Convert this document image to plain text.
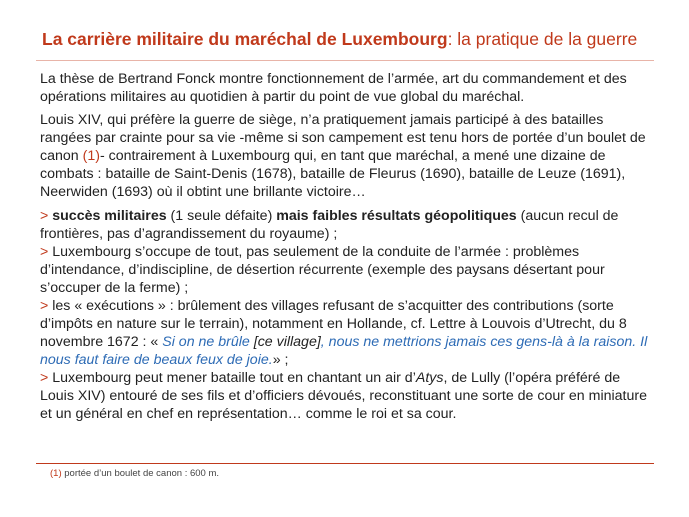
La carrière militaire du maréchal de Luxembourg: la pratique de la guerre

La thèse de Bertrand Fonck montre fonctionnement de l’armée, art du commandement et des opérations militaires au quotidien à partir du point de vue global du maréchal.

Louis XIV, qui préfère la guerre de siège, n’a pratiquement jamais participé à des batailles rangées par crainte pour sa vie -même si son campement est tenu hors de portée d’un boulet de canon (1)- contrairement à Luxembourg qui, en tant que maréchal, a mené une dizaine de combats : bataille de Saint-Denis (1678), bataille de Fleurus (1690), bataille de Leuze (1691), Neerwiden (1693) où il obtint une brillante victoire…

> succès militaires (1 seule défaite) mais faibles résultats géopolitiques (aucun recul de frontières, pas d’agrandissement du royaume) ;

> Luxembourg s’occupe de tout, pas seulement de la conduite de l’armée : problèmes d’intendance, d’indiscipline, de désertion récurrente (exemple des paysans désertant pour s’occuper de la ferme) ;

> les « exécutions » : brûlement des villages refusant de s’acquitter des contributions (sorte d’impôts en nature sur le terrain), notamment en Hollande, cf. Lettre à Louvois d’Utrecht, du 8 novembre 1672 : « Si on ne brûle [ce village], nous ne mettrions jamais ces gens-là à la raison. Il nous faut faire de beaux feux de joie.» ;

> Luxembourg peut mener bataille tout en chantant un air d’Atys, de Lully (l’opéra préféré de Louis XIV) entouré de ses fils et d’officiers dévoués, reconstituant une sorte de cour en miniature et un général en chef en représentation… comme le roi et sa cour.

(1) portée d’un boulet de canon : 600 m.
